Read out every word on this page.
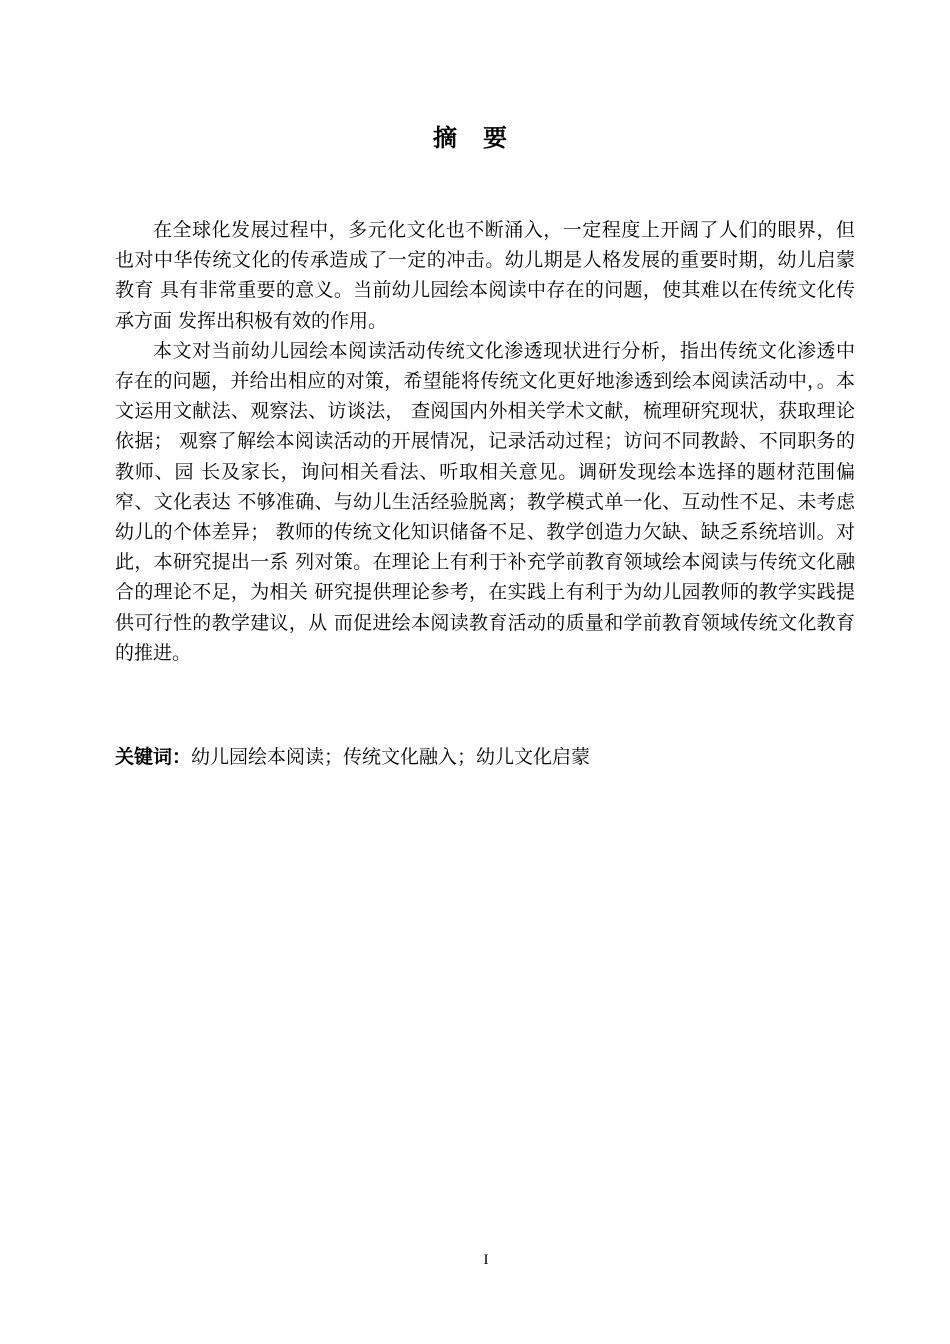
摘要

在全球化发展过程中，多元化文化也不断涌入，一定程度上开阔了人们的眼界，但也对中华传统文化的传承造成了一定的冲击。幼儿期是人格发展的重要时期，幼儿启蒙教育 具有非常重要的意义。当前幼儿园绘本阅读中存在的问题，使其难以在传统文化传承方面 发挥出积极有效的作用。

本文对当前幼儿园绘本阅读活动传统文化渗透现状进行分析，指出传统文化渗透中存在的问题，并给出相应的对策，希望能将传统文化更好地渗透到绘本阅读活动中，。本文运用文献法、观察法、访谈法， 查阅国内外相关学术文献，梳理研究现状，获取理论依据； 观察了解绘本阅读活动的开展情况，记录活动过程；访问不同教龄、不同职务的教师、园 长及家长，询问相关看法、听取相关意见。调研发现绘本选择的题材范围偏窄、文化表达 不够准确、与幼儿生活经验脱离；教学模式单一化、互动性不足、未考虑幼儿的个体差异； 教师的传统文化知识储备不足、教学创造力欠缺、缺乏系统培训。对此，本研究提出一系 列对策。在理论上有利于补充学前教育领域绘本阅读与传统文化融合的理论不足，为相关 研究提供理论参考，在实践上有利于为幼儿园教师的教学实践提供可行性的教学建议，从 而促进绘本阅读教育活动的质量和学前教育领域传统文化教育的推进。

关键词：幼儿园绘本阅读；传统文化融入；幼儿文化启蒙
I
